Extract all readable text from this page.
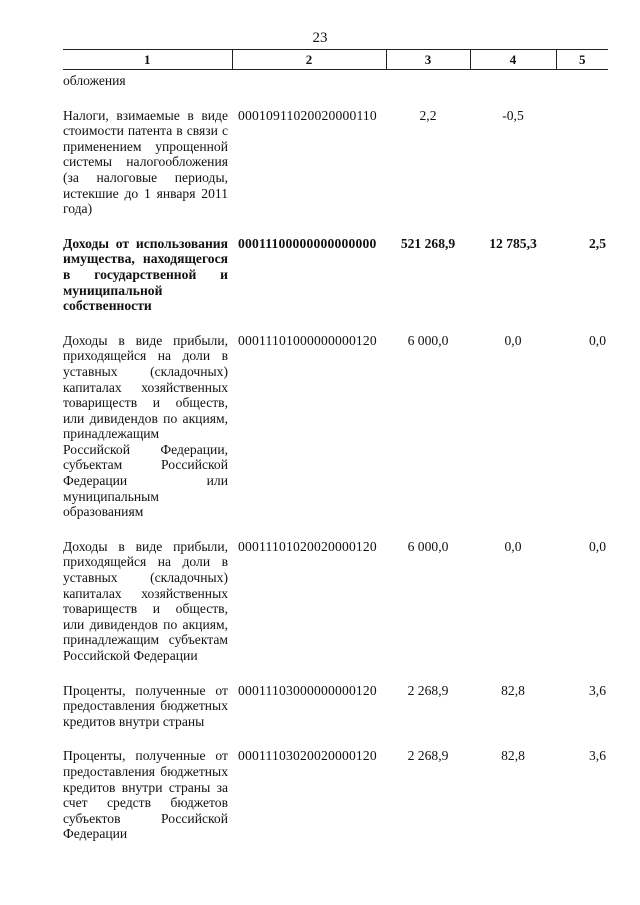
23
1	2	3	4	5
обложения				
Налоги, взимаемые в виде стоимости патента в связи с применением упрощенной системы налогообложения (за налоговые периоды, истекшие до 1 января 2011 года)	00010911020020000110	2,2	-0,5	
Доходы от использования имущества, находящегося в государственной и муниципальной собственности	00011100000000000000	521 268,9	12 785,3	2,5
Доходы в виде прибыли, приходящейся на доли в уставных (складочных) капиталах хозяйственных товариществ и обществ, или дивидендов по акциям, принадлежащим Российской Федерации, субъектам Российской Федерации или муниципальным образованиям	00011101000000000120	6 000,0	0,0	0,0
Доходы в виде прибыли, приходящейся на доли в уставных (складочных) капиталах хозяйственных товариществ и обществ, или дивидендов по акциям, принадлежащим субъектам Российской Федерации	00011101020020000120	6 000,0	0,0	0,0
Проценты, полученные от предоставления бюджетных кредитов внутри страны	00011103000000000120	2 268,9	82,8	3,6
Проценты, полученные от предоставления бюджетных кредитов внутри страны за счет средств бюджетов субъектов Российской Федерации	00011103020020000120	2 268,9	82,8	3,6
